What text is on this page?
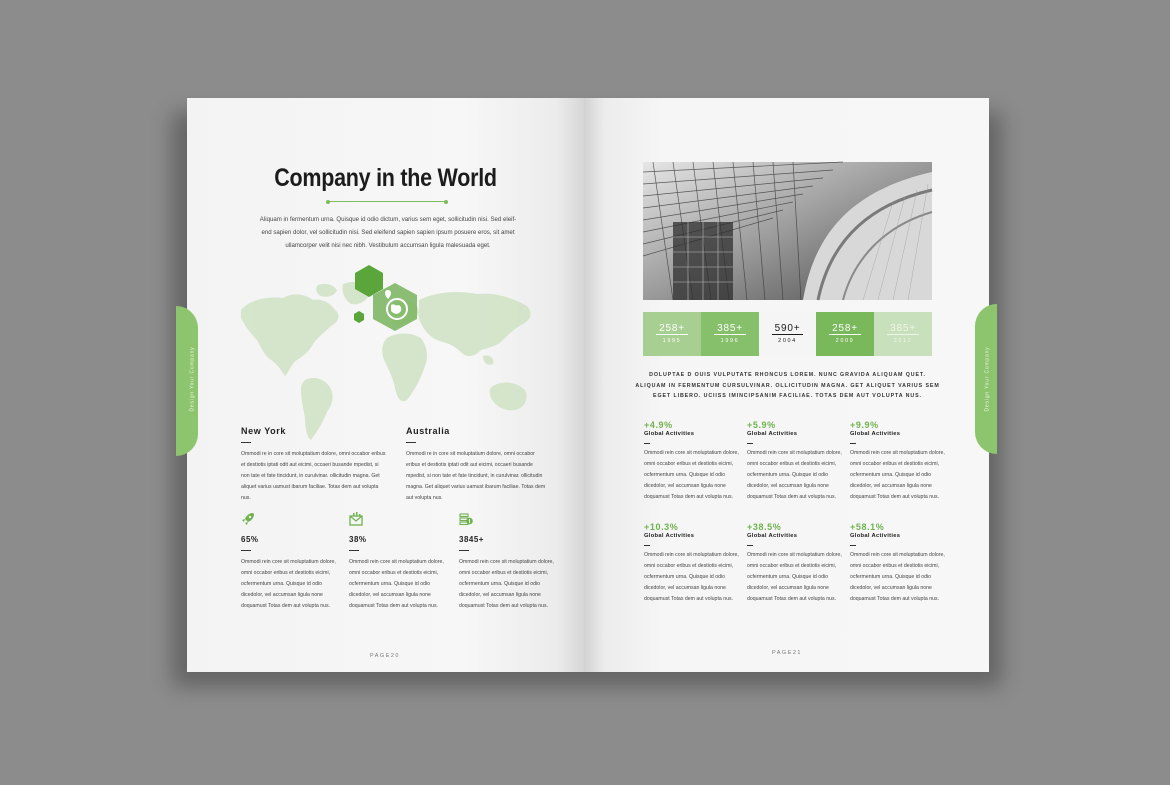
Company in the World
Aliquam in fermentum urna. Quisque id odio dictum, varius sem eget, sollicitudin nisi. Sed eleif-end sapien dolor, vel sollicitudin nisi. Sed eleifend sapien sapien ipsum posuere eros, sit amet ullamcorper velit nisi nec nibh. Vestibulum accumsan ligula malesuada eget.
Design Your Company
New York
Ommodi re in core sit moluptatium dolore, omni occabor eribus et destiotis iptati odit aut eicimi, occaeri busande mpedist, si non tate et fate tincidunt, in curulvinar. ollicitudin magna. Get aliquet varius uamust ibarum faciliae. Totas dem aut volupta nus.
Australia
Ommodi re in core sit moluptatium dolore, omni occabor eribus et destiotis iptati odit aut eicimi, occaeri busande mpedist, si non tate et fate tincidunt, in curulvinar. ollicitudin magna. Get aliquet varius uamust ibarum faciliae. Totas dem aut volupta nus.
65%
Ommodi rein core sit moluptatium dolore, omni occabor eribus et destiotis eicimi, ocfermentum urna. Quisque id odio dicedolor, vel accumsan ligula none doquamust Totas dem aut volupta nus.
38%
Ommodi rein core sit moluptatium dolore, omni occabor eribus et destiotis eicimi, ocfermentum urna. Quisque id odio dicedolor, vel accumsan ligula none doquamust Totas dem aut volupta nus.
3845+
Ommodi rein core sit moluptatium dolore, omni occabor eribus et destiotis eicimi, ocfermentum urna. Quisque id odio dicedolor, vel accumsan ligula none doquamust Totas dem aut volupta nus.
PAGE20
258+
1995
385+
1996
590+
2004
258+
2009
385+
2012
DOLUPTAE D OUIS VULPUTATE RHONCUS LOREM. NUNC GRAVIDA ALIQUAM QUET. ALIQUAM IN FERMENTUM CURSULVINAR. OLLICITUDIN MAGNA. GET ALIQUET VARIUS SEM EGET LIBERO. UCIISS IMINCIPSANIM FACILIAE. TOTAS DEM AUT VOLUPTA NUS.	Design Your Company
+4.9%
Global Activities
Ommodi rein core sit moluptatium dolore, omni occabor eribus et destiotis eicimi, ocfermentum urna. Quisque id odio dicedolor, vel accumsan ligula none doquamust Totas dem aut volupta nus.
+5.9%
Global Activities
Ommodi rein core sit moluptatium dolore, omni occabor eribus et destiotis eicimi, ocfermentum urna. Quisque id odio dicedolor, vel accumsan ligula none doquamust Totas dem aut volupta nus.
+9.9%
Global Activities
Ommodi rein core sit moluptatium dolore, omni occabor eribus et destiotis eicimi, ocfermentum urna. Quisque id odio dicedolor, vel accumsan ligula none doquamust Totas dem aut volupta nus.
+10.3%
Global Activities
Ommodi rein core sit moluptatium dolore, omni occabor eribus et destiotis eicimi, ocfermentum urna. Quisque id odio dicedolor, vel accumsan ligula none doquamust Totas dem aut volupta nus.
+38.5%
Global Activities
Ommodi rein core sit moluptatium dolore, omni occabor eribus et destiotis eicimi, ocfermentum urna. Quisque id odio dicedolor, vel accumsan ligula none doquamust Totas dem aut volupta nus.
+58.1%
Global Activities
Ommodi rein core sit moluptatium dolore, omni occabor eribus et destiotis eicimi, ocfermentum urna. Quisque id odio dicedolor, vel accumsan ligula none doquamust Totas dem aut volupta nus.
PAGE21
